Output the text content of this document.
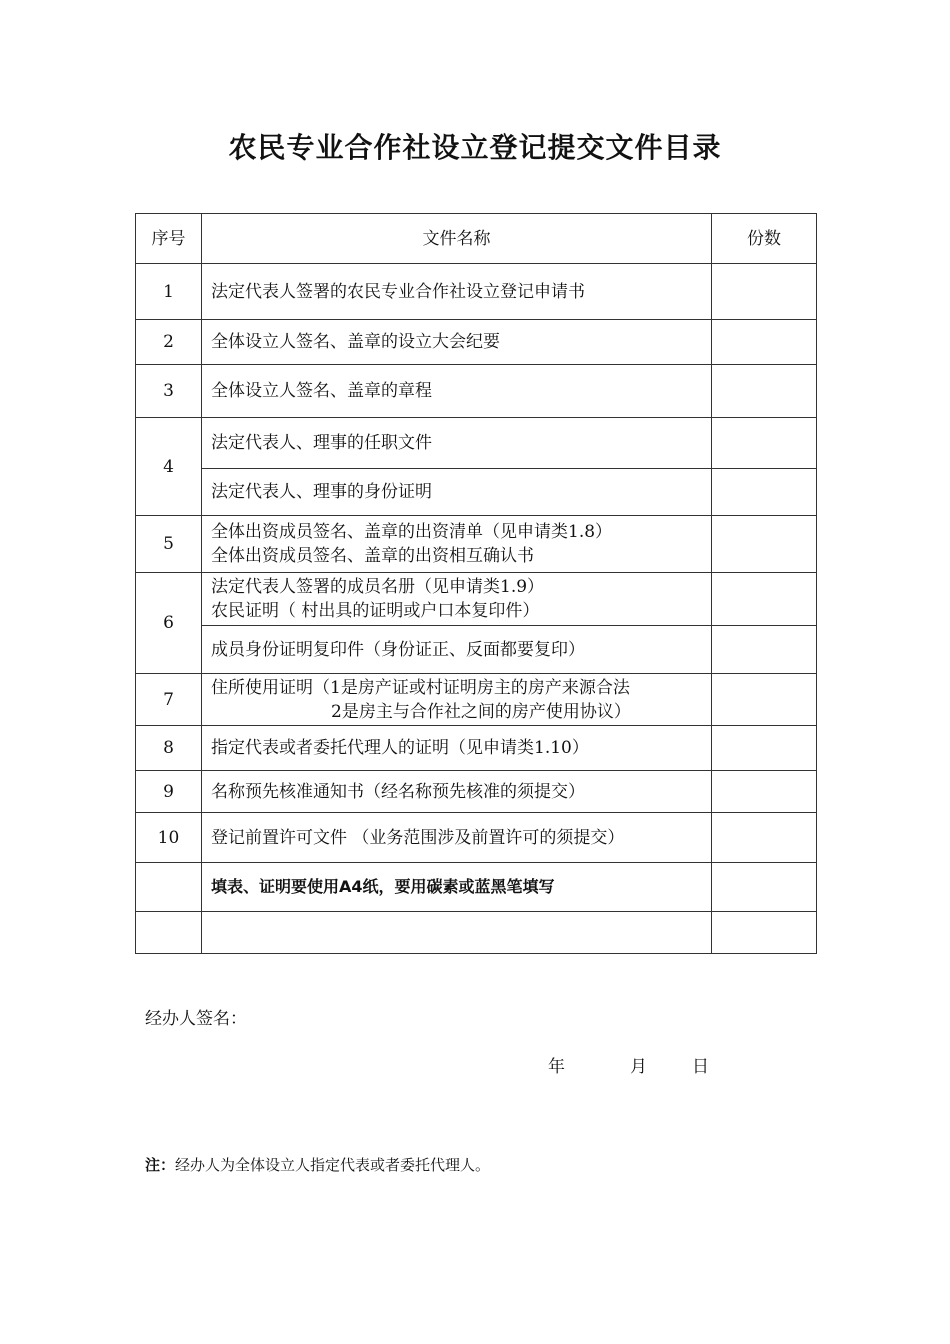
农民专业合作社设立登记提交文件目录
序号	文件名称	份数
1	法定代表人签署的农民专业合作社设立登记申请书	
2	全体设立人签名、盖章的设立大会纪要	
3	全体设立人签名、盖章的章程	
4	法定代表人、理事的任职文件	
	法定代表人、理事的身份证明	
5	全体出资成员签名、盖章的出资清单（见申请类1.8）
全体出资成员签名、盖章的出资相互确认书	

6	法定代表人签署的成员名册（见申请类1.9）
农民证明（ 村出具的证明或户口本复印件）	

	成员身份证明复印件（身份证正、反面都要复印）	
7	住所使用证明（1是房产证或村证明房主的房产来源合法
2是房主与合作社之间的房产使用协议）	

8	指定代表或者委托代理人的证明（见申请类1.10）	
9	名称预先核准通知书（经名称预先核准的须提交）	
10	登记前置许可文件 （业务范围涉及前置许可的须提交）	
	填表、证明要使用A4纸，要用碳素或蓝黑笔填写	

经办人签名：
年	月	日
注：经办人为全体设立人指定代表或者委托代理人。
